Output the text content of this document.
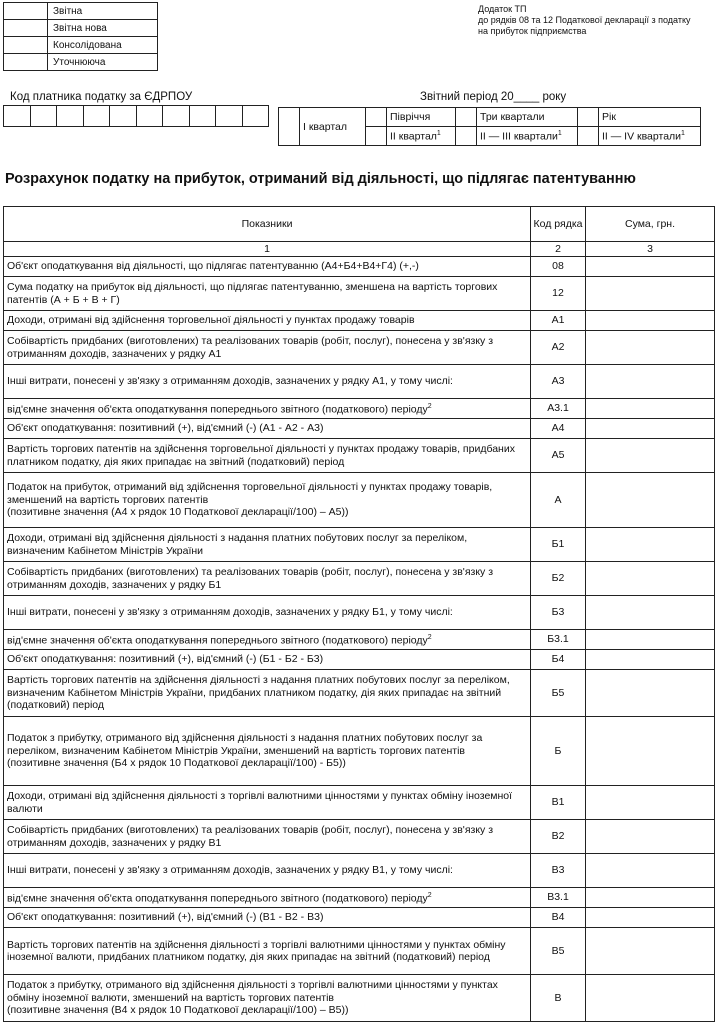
	Звітна
	Звітна нова
	Консолідована
	Уточнююча
Додаток ТП
до рядків 08 та 12 Податкової декларації з податку
на прибуток підприємства
Код платника податку за ЄДРПОУ
										Звітний період 20____ року
	І квартал		Півріччя		Три квартали		Рік
			ІІ квартал$^1$		ІІ — ІІІ квартали$^1$		ІІ — IV квартали$^1$
Розрахунок податку на прибуток, отриманий від діяльності, що підлягає патентуванню
Показники	Код рядка	Сума, грн.
1	2	3
Об'єкт оподаткування від діяльності, що підлягає патентуванню (А4+Б4+В4+Г4) (+,-)	08	
Сума податку на прибуток від діяльності, що підлягає патентуванню, зменшена на вартість торгових патентів (А + Б + В + Г)	12	
Доходи, отримані від здійснення торговельної діяльності у пунктах продажу товарів	А1	
Собівартість придбаних (виготовлених) та реалізованих товарів (робіт, послуг), понесена у зв'язку з отриманням доходів, зазначених у рядку А1	А2	
Інші витрати, понесені у зв'язку з отриманням доходів, зазначених у рядку А1, у тому числі:	А3	
від'ємне значення об'єкта оподаткування попереднього звітного (податкового) періоду$^2$	А3.1	
Об'єкт оподаткування: позитивний (+), від'ємний (-) (А1 - А2 - А3)	А4	
Вартість торгових патентів на здійснення торговельної діяльності у пунктах продажу товарів, придбаних платником податку, дія яких припадає на звітний (податковий) період	А5	
Податок на прибуток, отриманий від здійснення торговельної діяльності у пунктах продажу товарів, зменшений на вартість торгових патентів
(позитивне значення (А4 х рядок 10 Податкової декларації/100) – А5))	А	
Доходи, отримані від здійснення діяльності з надання платних побутових послуг за переліком, визначеним Кабінетом Міністрів України	Б1	
Собівартість придбаних (виготовлених) та реалізованих товарів (робіт, послуг), понесена у зв'язку з отриманням доходів, зазначених у рядку Б1	Б2	
Інші витрати, понесені у зв'язку з отриманням доходів, зазначених у рядку Б1, у тому числі:	Б3	
від'ємне значення об'єкта оподаткування попереднього звітного (податкового) періоду$^2$	Б3.1	
Об'єкт оподаткування: позитивний (+), від'ємний (-) (Б1 - Б2 - Б3)	Б4	
Вартість торгових патентів на здійснення діяльності з надання платних побутових послуг за переліком, визначеним Кабінетом Міністрів України, придбаних платником податку, дія яких припадає на звітний (податковий) період	Б5	
Податок з прибутку, отриманого від здійснення діяльності з надання платних побутових послуг за переліком, визначеним Кабінетом Міністрів України, зменшений на вартість торгових патентів
(позитивне значення (Б4 х рядок 10 Податкової декларації/100) - Б5))	Б	
Доходи, отримані від здійснення діяльності з торгівлі валютними цінностями у пунктах обміну іноземної валюти	В1	
Собівартість придбаних (виготовлених) та реалізованих товарів (робіт, послуг), понесена у зв'язку з отриманням доходів, зазначених у рядку В1	В2	
Інші витрати, понесені у зв'язку з отриманням доходів, зазначених у рядку В1, у тому числі:	В3	
від'ємне значення об'єкта оподаткування попереднього звітного (податкового) періоду$^2$	В3.1	
Об'єкт оподаткування: позитивний (+), від'ємний (-) (В1 - В2 - В3)	В4	
Вартість торгових патентів на здійснення діяльності з торгівлі валютними цінностями у пунктах обміну іноземної валюти, придбаних платником податку, дія яких припадає на звітний (податковий) період	В5	
Податок з прибутку, отриманого від здійснення діяльності з торгівлі валютними цінностями у пунктах обміну іноземної валюти, зменшений на вартість торгових патентів
(позитивне значення (В4 х рядок 10 Податкової декларації/100) – В5))	В	
